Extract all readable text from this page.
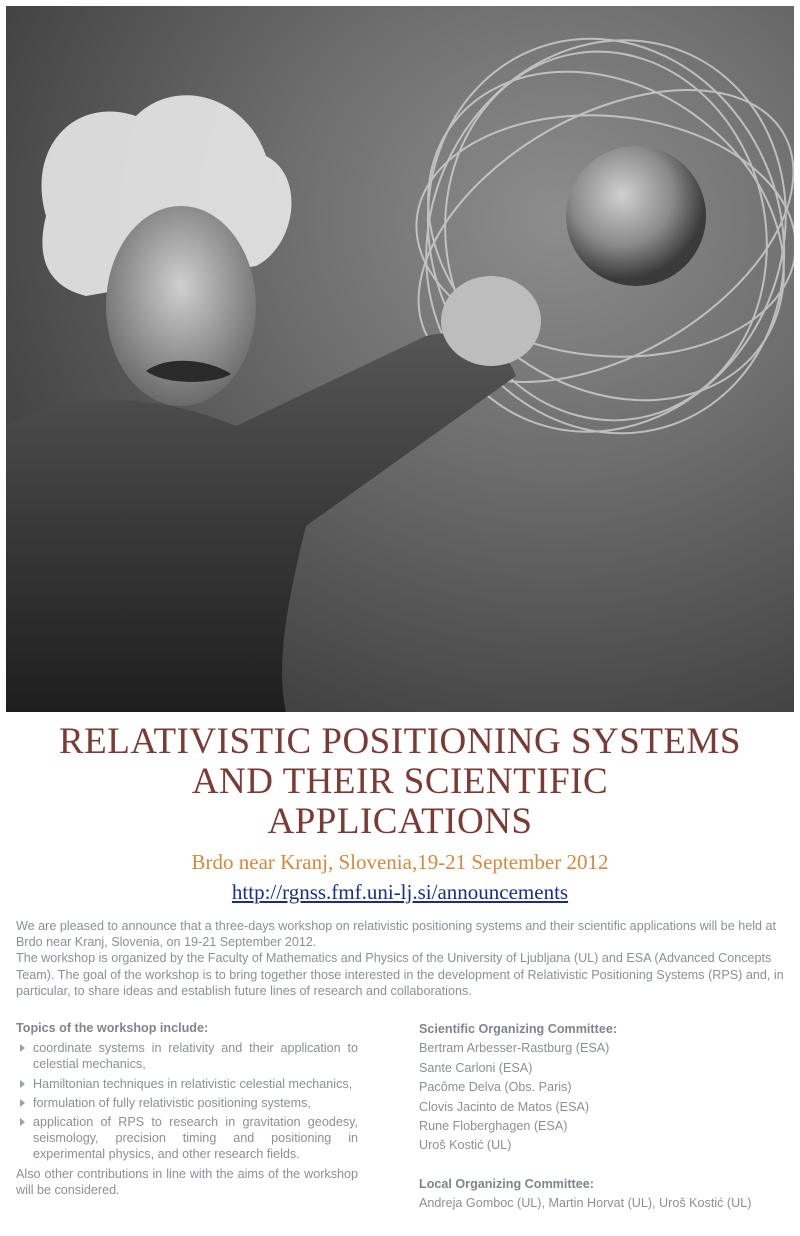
RELATIVISTIC POSITIONING SYSTEMS
AND THEIR SCIENTIFIC
APPLICATIONS
Brdo near Kranj, Slovenia,19-21 September 2012
http://rgnss.fmf.uni-lj.si/announcements

We are pleased to announce that a three-days workshop on relativistic positioning systems and their scientific applications will be held at Brdo near Kranj, Slovenia, on 19-21 September 2012.

The workshop is organized by the Faculty of Mathematics and Physics of the University of Ljubljana (UL) and ESA (Advanced Concepts Team). The goal of the workshop is to bring together those interested in the development of Relativistic Positioning Systems (RPS) and, in particular, to share ideas and establish future lines of research and collaborations.

Topics of the workshop include:
coordinate systems in relativity and their application to celestial mechanics,
Hamiltonian techniques in relativistic celestial mechanics,
formulation of fully relativistic positioning systems,
application of RPS to research in gravitation geodesy, seismology, precision timing and positioning in experimental physics, and other research fields.
Also other contributions in line with the aims of the workshop will be considered.
Scientific Organizing Committee:
Bertram Arbesser-Rastburg (ESA)
Sante Carloni (ESA)
Pacôme Delva (Obs. Paris)
Clovis Jacinto de Matos (ESA)
Rune Floberghagen (ESA)
Uroš Kostić (UL)
Local Organizing Committee:
Andreja Gomboc (UL), Martin Horvat (UL), Uroš Kostić (UL)
